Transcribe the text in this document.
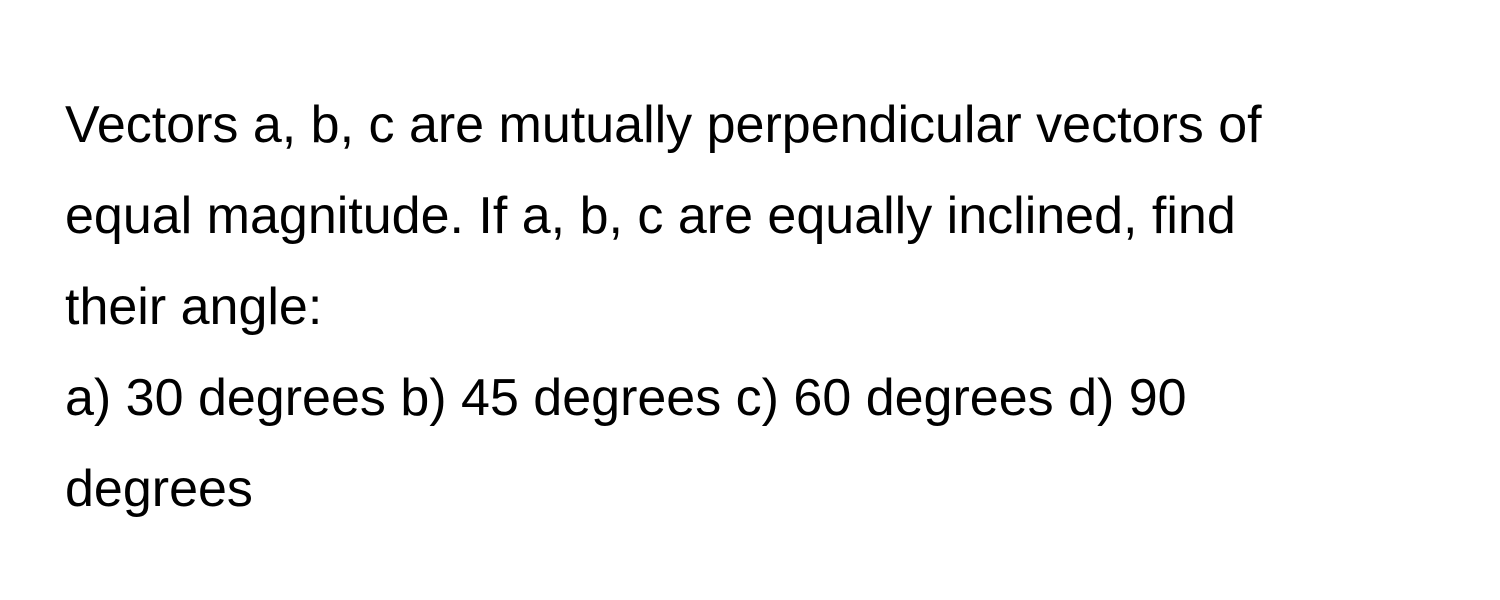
Vectors a, b, c are mutually perpendicular vectors of
equal magnitude. If a, b, c are equally inclined, find
their angle:
a) 30 degrees b) 45 degrees c) 60 degrees d) 90
degrees
